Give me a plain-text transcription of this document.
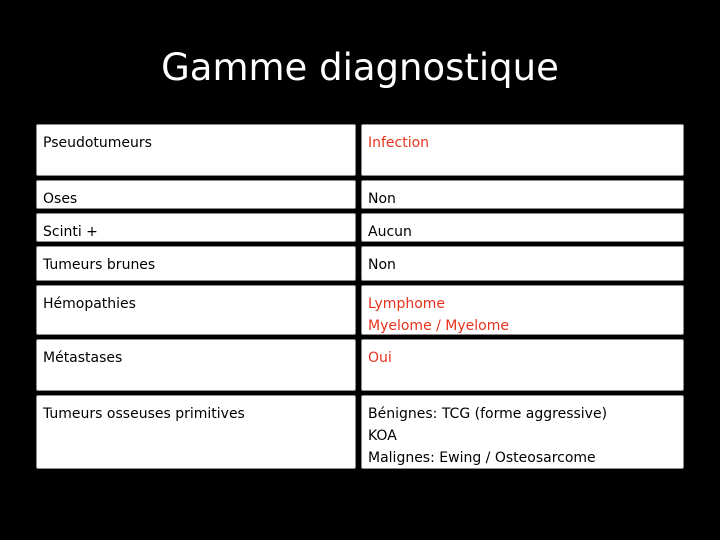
Gamme diagnostique
Pseudotumeurs	Infection
Oses	Non
Scinti +	Aucun
Tumeurs brunes	Non
Hémopathies	Lymphome
Myelome / Myelome
Métastases	Oui
Tumeurs osseuses primitives	Bénignes: TCG (forme aggressive)
KOA
Malignes: Ewing / Osteosarcome
